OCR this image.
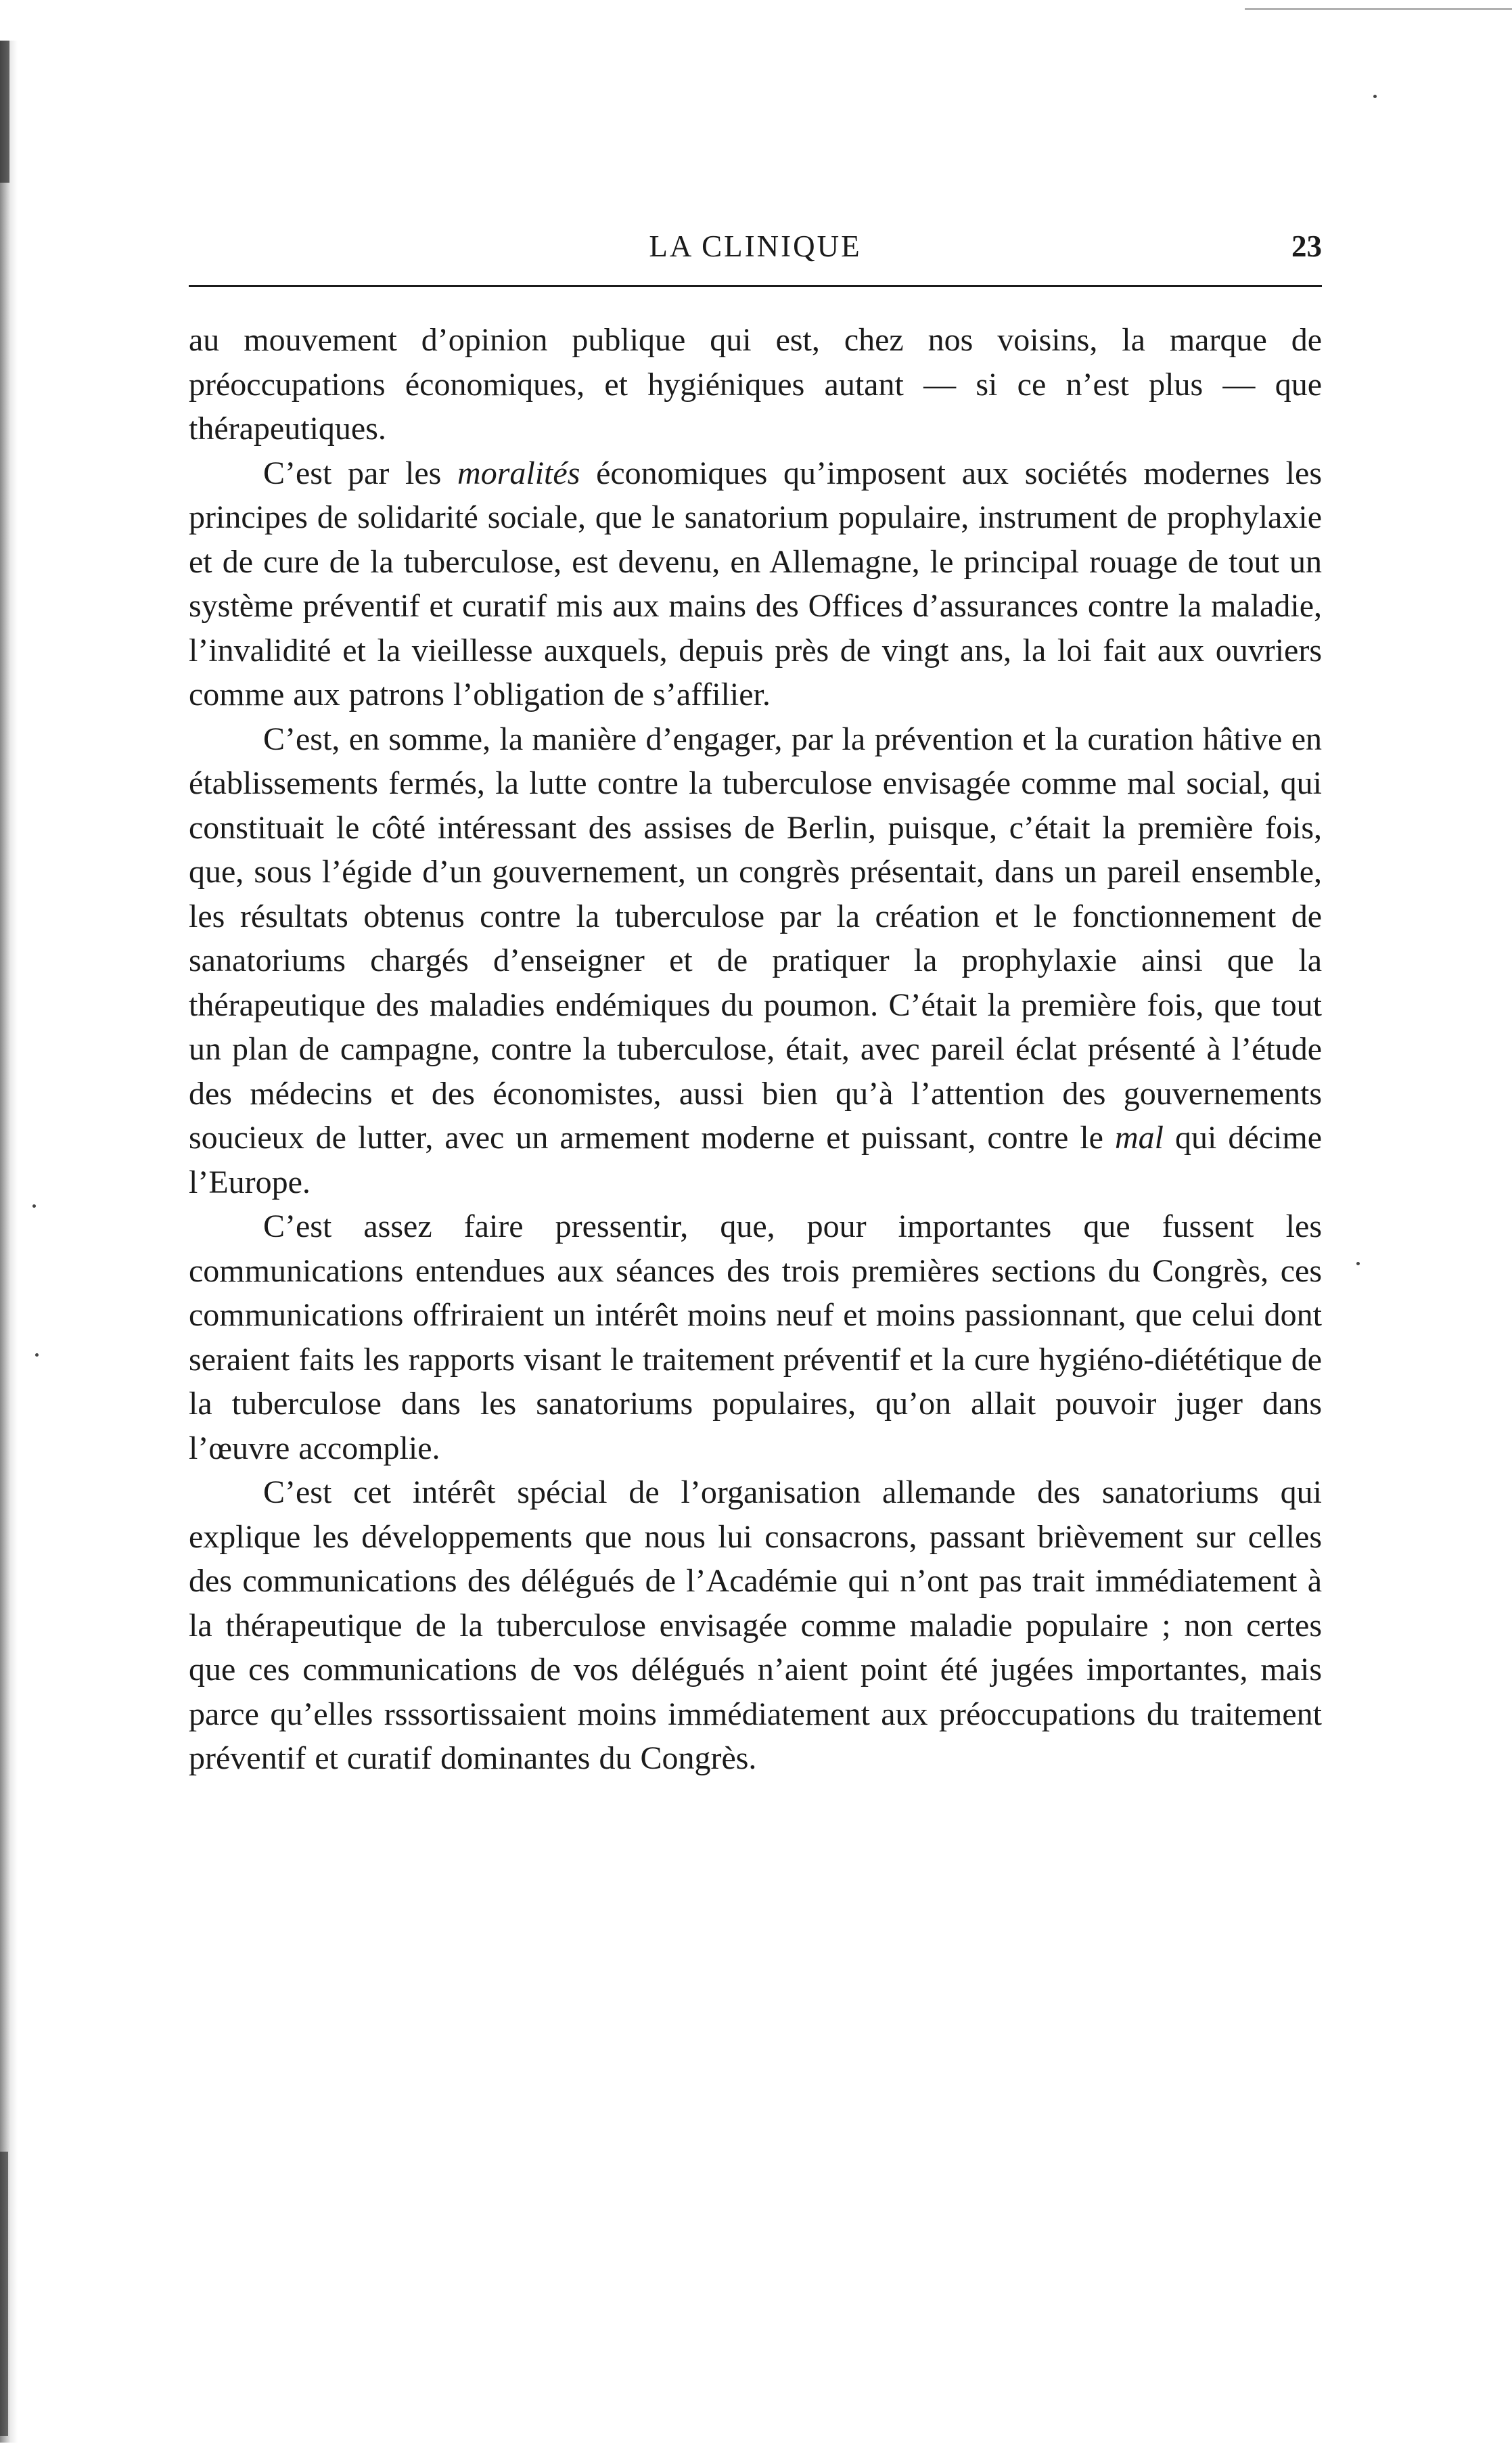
LA CLINIQUE	23

au mouvement d’opinion publique qui est, chez nos voisins, la marque de préoccupations économiques, et hygiéniques autant — si ce n’est plus — que thérapeutiques.

C’est par les moralités économiques qu’imposent aux sociétés modernes les principes de solidarité sociale, que le sanatorium populaire, instrument de prophylaxie et de cure de la tuberculose, est devenu, en Allemagne, le principal rouage de tout un système préventif et curatif mis aux mains des Offices d’assurances contre la maladie, l’invalidité et la vieillesse auxquels, depuis près de vingt ans, la loi fait aux ouvriers comme aux patrons l’obligation de s’affilier.

C’est, en somme, la manière d’engager, par la prévention et la curation hâtive en établissements fermés, la lutte contre la tuberculose envisagée comme mal social, qui constituait le côté intéressant des assises de Berlin, puisque, c’était la première fois, que, sous l’égide d’un gouvernement, un congrès présentait, dans un pareil ensemble, les résultats obtenus contre la tuberculose par la création et le fonctionnement de sanatoriums chargés d’enseigner et de pratiquer la prophylaxie ainsi que la thérapeutique des maladies endémiques du poumon. C’était la première fois, que tout un plan de campagne, contre la tuberculose, était, avec pareil éclat présenté à l’étude des médecins et des économistes, aussi bien qu’à l’attention des gouvernements soucieux de lutter, avec un armement moderne et puissant, contre le mal qui décime l’Europe.

C’est assez faire pressentir, que, pour importantes que fussent les communications entendues aux séances des trois premières sections du Congrès, ces communications offriraient un intérêt moins neuf et moins passionnant, que celui dont seraient faits les rapports visant le traitement préventif et la cure hygiéno-diététique de la tuberculose dans les sanatoriums populaires, qu’on allait pouvoir juger dans l’œuvre accomplie.

C’est cet intérêt spécial de l’organisation allemande des sanatoriums qui explique les développements que nous lui consacrons, passant brièvement sur celles des communications des délégués de l’Académie qui n’ont pas trait immédiatement à la thérapeutique de la tuberculose envisagée comme maladie populaire ; non certes que ces communications de vos délégués n’aient point été jugées importantes, mais parce qu’elles rsssortissaient moins immédiatement aux préoccupations du traitement préventif et curatif dominantes du Congrès.
